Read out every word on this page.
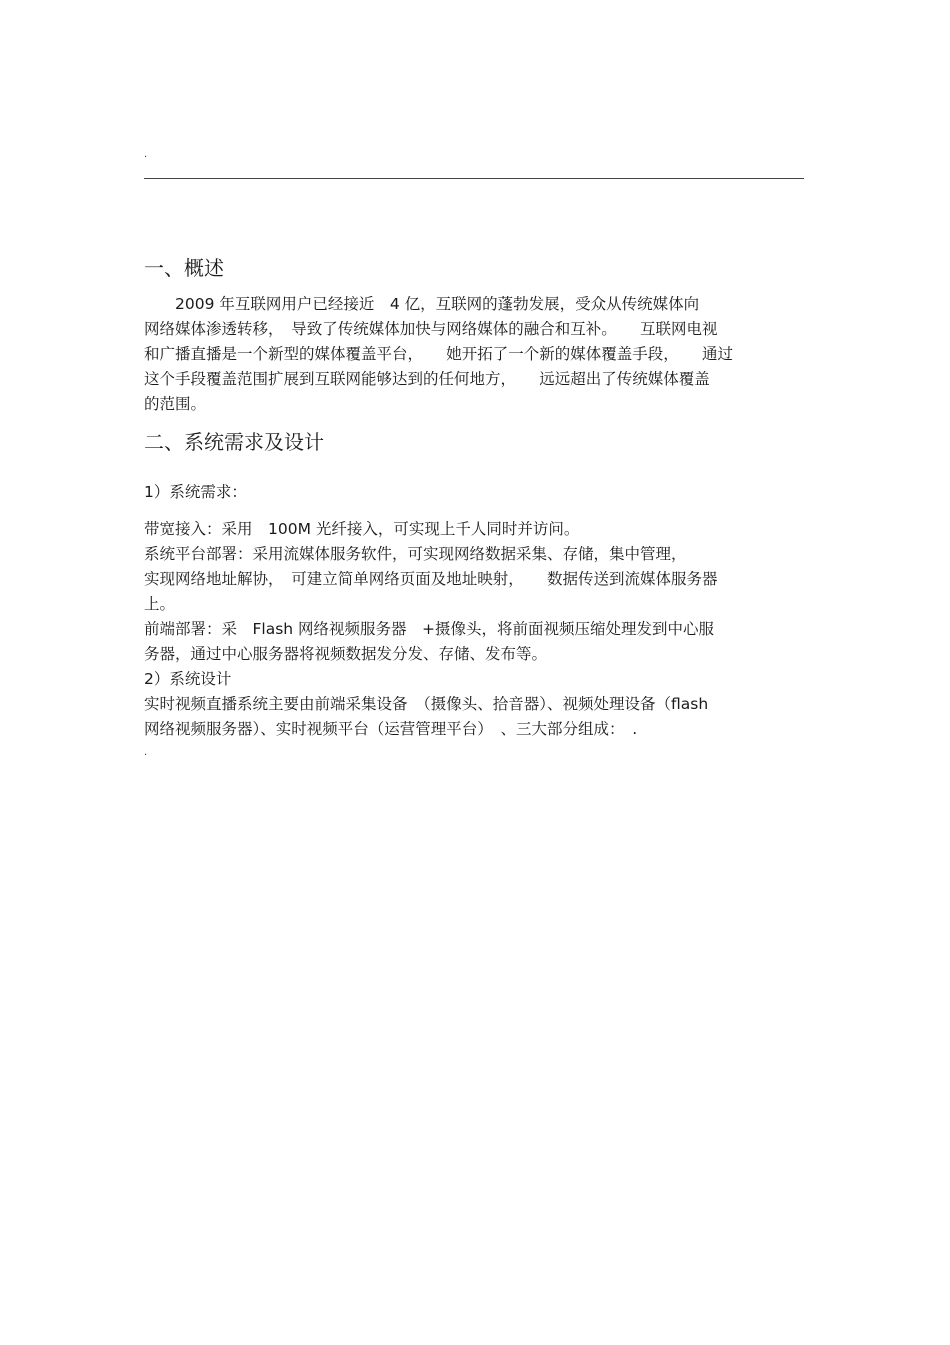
.
一、概述
　　2009 年互联网用户已经接近　4 亿，互联网的蓬勃发展，受众从传统媒体向
网络媒体渗透转移，　导致了传统媒体加快与网络媒体的融合和互补。　　互联网电视
和广播直播是一个新型的媒体覆盖平台，　　她开拓了一个新的媒体覆盖手段，　　通过
这个手段覆盖范围扩展到互联网能够达到的任何地方，　　远远超出了传统媒体覆盖
的范围。
二、系统需求及设计
1）系统需求：
带宽接入：采用　100M 光纤接入，可实现上千人同时并访问。
系统平台部署：采用流媒体服务软件，可实现网络数据采集、存储，集中管理，
实现网络地址解协，　可建立简单网络页面及地址映射，　　数据传送到流媒体服务器
上。
前端部署：采　Flash 网络视频服务器　+摄像头，将前面视频压缩处理发到中心服
务器，通过中心服务器将视频数据发分发、存储、发布等。
2）系统设计
实时视频直播系统主要由前端采集设备　（摄像头、拾音器）、视频处理设备（flash
网络视频服务器）、实时视频平台（运营管理平台）　、三大部分组成：　.
.
